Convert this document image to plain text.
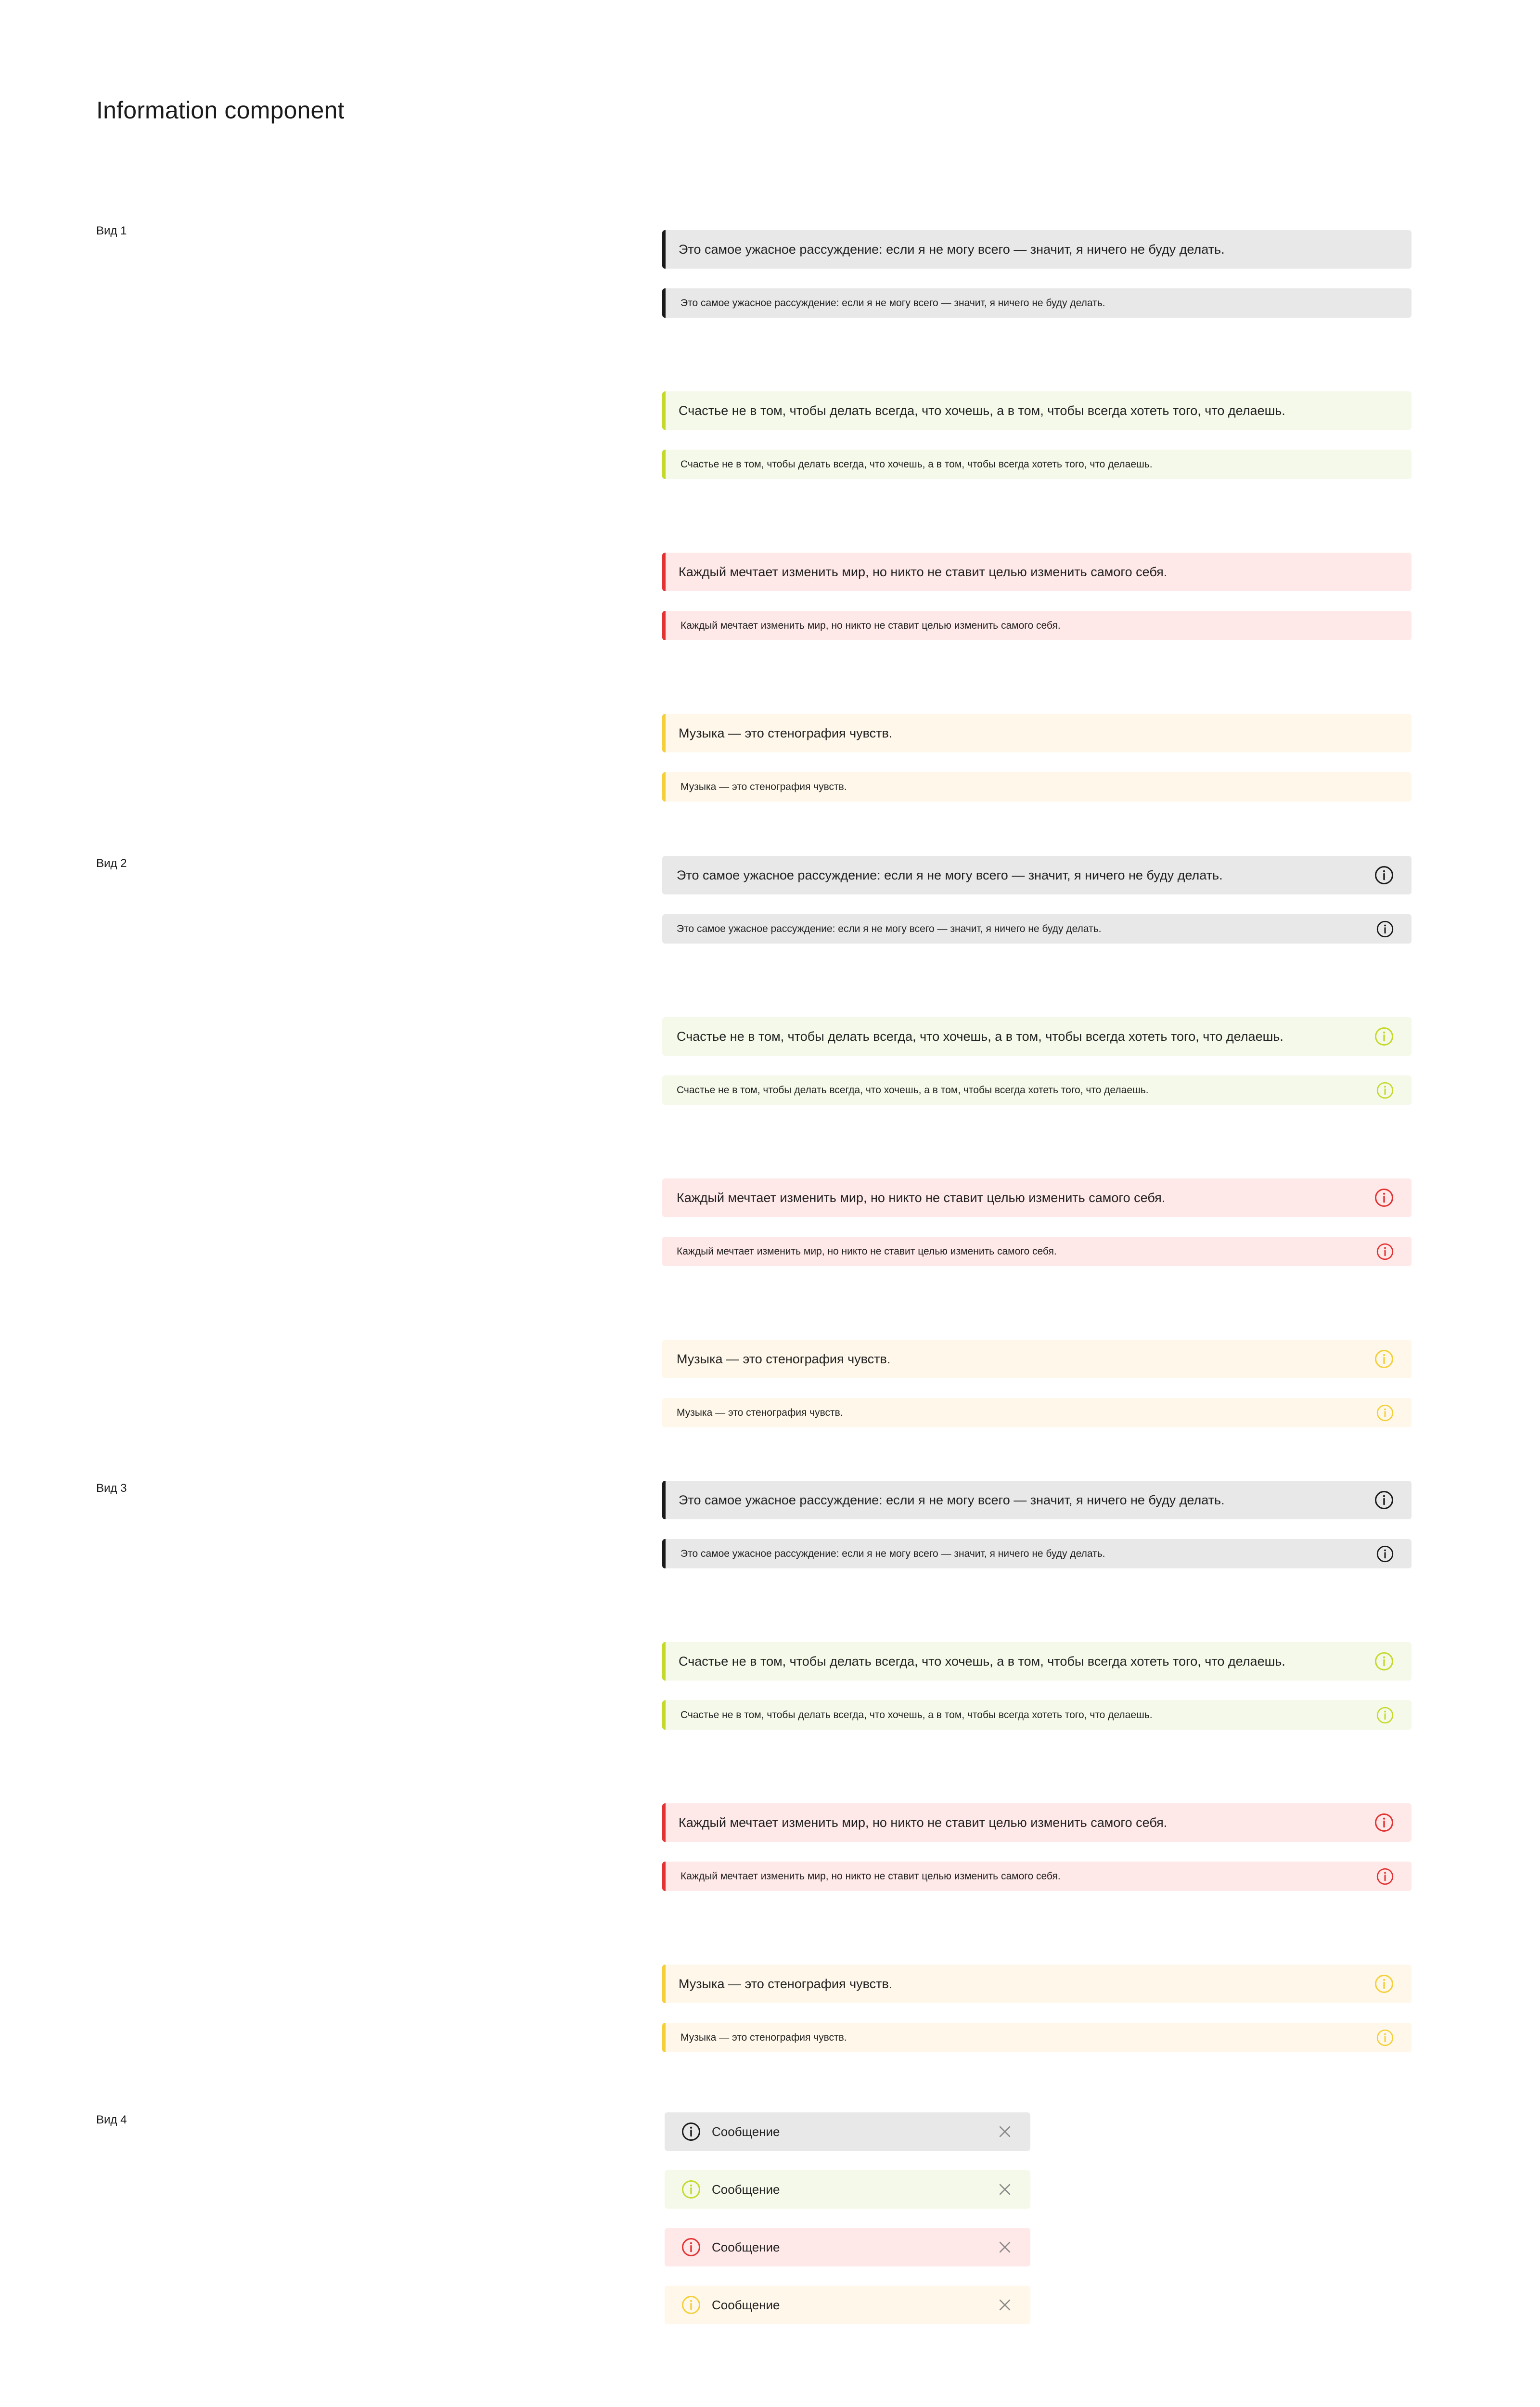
Information component
Вид 1
Это самое ужасное рассуждение: если я не могу всего — значит, я ничего не буду делать.
Это самое ужасное рассуждение: если я не могу всего — значит, я ничего не буду делать.
Счастье не в том, чтобы делать всегда, что хочешь, а в том, чтобы всегда хотеть того, что делаешь.
Счастье не в том, чтобы делать всегда, что хочешь, а в том, чтобы всегда хотеть того, что делаешь.
Каждый мечтает изменить мир, но никто не ставит целью изменить самого себя.
Каждый мечтает изменить мир, но никто не ставит целью изменить самого себя.
Музыка — это стенография чувств.
Музыка — это стенография чувств.
Вид 2
Это самое ужасное рассуждение: если я не могу всего — значит, я ничего не буду делать.
Это самое ужасное рассуждение: если я не могу всего — значит, я ничего не буду делать.
Счастье не в том, чтобы делать всегда, что хочешь, а в том, чтобы всегда хотеть того, что делаешь.
Счастье не в том, чтобы делать всегда, что хочешь, а в том, чтобы всегда хотеть того, что делаешь.
Каждый мечтает изменить мир, но никто не ставит целью изменить самого себя.
Каждый мечтает изменить мир, но никто не ставит целью изменить самого себя.
Музыка — это стенография чувств.
Музыка — это стенография чувств.
Вид 3
Это самое ужасное рассуждение: если я не могу всего — значит, я ничего не буду делать.
Это самое ужасное рассуждение: если я не могу всего — значит, я ничего не буду делать.
Счастье не в том, чтобы делать всегда, что хочешь, а в том, чтобы всегда хотеть того, что делаешь.
Счастье не в том, чтобы делать всегда, что хочешь, а в том, чтобы всегда хотеть того, что делаешь.
Каждый мечтает изменить мир, но никто не ставит целью изменить самого себя.
Каждый мечтает изменить мир, но никто не ставит целью изменить самого себя.
Музыка — это стенография чувств.
Музыка — это стенография чувств.
Вид 4
Сообщение
Сообщение
Сообщение
Сообщение
